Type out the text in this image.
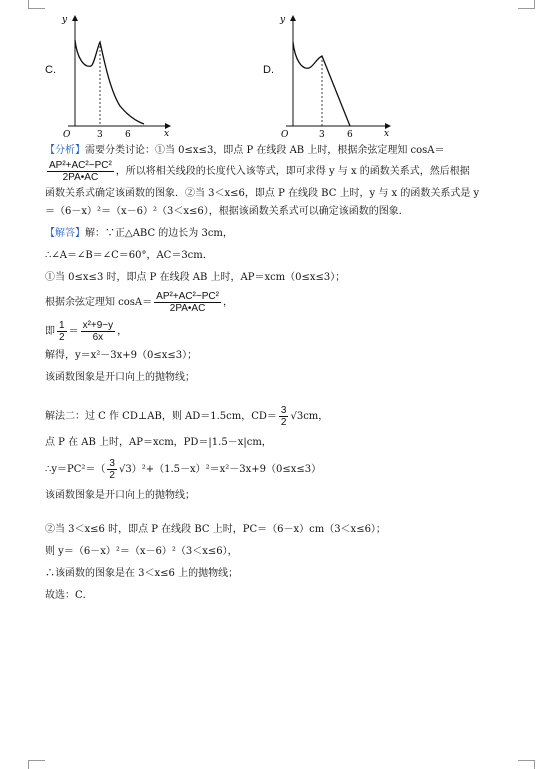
C.
y
x
O	3 6
D.
y
x
O	3 6

【分析】需要分类讨论：①当 0≤x≤3，即点 P 在线段 AB 上时，根据余弦定理知 cosA＝

$\frac{\text{AP²+AC²−PC²}}{2PA•AC}$ ，所以将相关线段的长度代入该等式，即可求得 y 与 x 的函数关系式，然后根据

函数关系式确定该函数的图象．②当 3＜x≤6，即点 P 在线段 BC 上时，y 与 x 的函数关系式是 y

＝（6－x）²＝（x－6）²（3＜x≤6），根据该函数关系式可以确定该函数的图象．

【解答】解：∵正△ABC 的边长为 3cm，

∴∠A＝∠B＝∠C＝60°，AC＝3cm．

①当 0≤x≤3 时，即点 P 在线段 AB 上时，AP＝xcm（0≤x≤3）；

根据余弦定理知 $\cos A= \frac{\text{AP²+AC²−PC²}}{2PA•AC}$ ，

即 $\frac{1}{2} = \frac{\text{x²+9−y}}{6x}$ ，

解得，y＝x²－3x+9（0≤x≤3）；

该函数图象是开口向上的抛物线；

解法二：过 C 作 CD⊥AB，则 AD＝1.5cm，$CD= \frac{3}{2} √3cm$，

点 P 在 AB 上时，AP＝xcm，PD＝|1.5－x|cm，

∴y＝PC²＝（ $\frac{3}{2} √3)^2+(1.5-x)^2=x^2-3x+9(0\le x\le 3)$

该函数图象是开口向上的抛物线；

②当 3＜x≤6 时，即点 P 在线段 BC 上时，PC＝（6－x）cm（3＜x≤6）；

则 y＝（6－x）²＝（x－6）²（3＜x≤6），

∴该函数的图象是在 3＜x≤6 上的抛物线；

故选：C．
